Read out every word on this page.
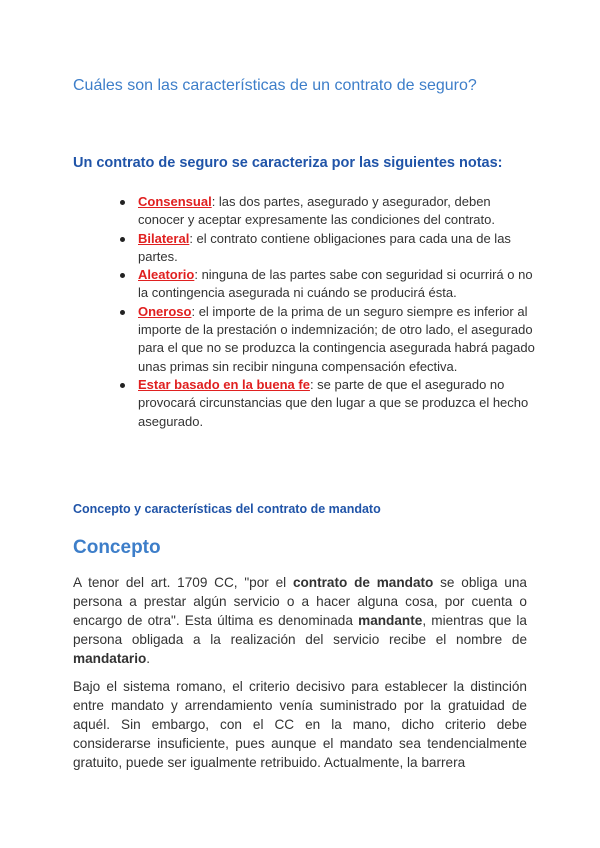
Cuáles son las características de un contrato de seguro?
Un contrato de seguro se caracteriza por las siguientes notas:
Consensual: las dos partes, asegurado y asegurador, deben conocer y aceptar expresamente las condiciones del contrato.
Bilateral: el contrato contiene obligaciones para cada una de las partes.
Aleatorio: ninguna de las partes sabe con seguridad si ocurrirá o no la contingencia asegurada ni cuándo se producirá ésta.
Oneroso: el importe de la prima de un seguro siempre es inferior al importe de la prestación o indemnización; de otro lado, el asegurado para el que no se produzca la contingencia asegurada habrá pagado unas primas sin recibir ninguna compensación efectiva.
Estar basado en la buena fe: se parte de que el asegurado no provocará circunstancias que den lugar a que se produzca el hecho asegurado.
Concepto y características del contrato de mandato
Concepto

A tenor del art. 1709 CC, "por el contrato de mandato se obliga una persona a prestar algún servicio o a hacer alguna cosa, por cuenta o encargo de otra". Esta última es denominada mandante, mientras que la persona obligada a la realización del servicio recibe el nombre de mandatario.

Bajo el sistema romano, el criterio decisivo para establecer la distinción entre mandato y arrendamiento venía suministrado por la gratuidad de aquél. Sin embargo, con el CC en la mano, dicho criterio debe considerarse insuficiente, pues aunque el mandato sea tendencialmente gratuito, puede ser igualmente retribuido. Actualmente, la barrera
